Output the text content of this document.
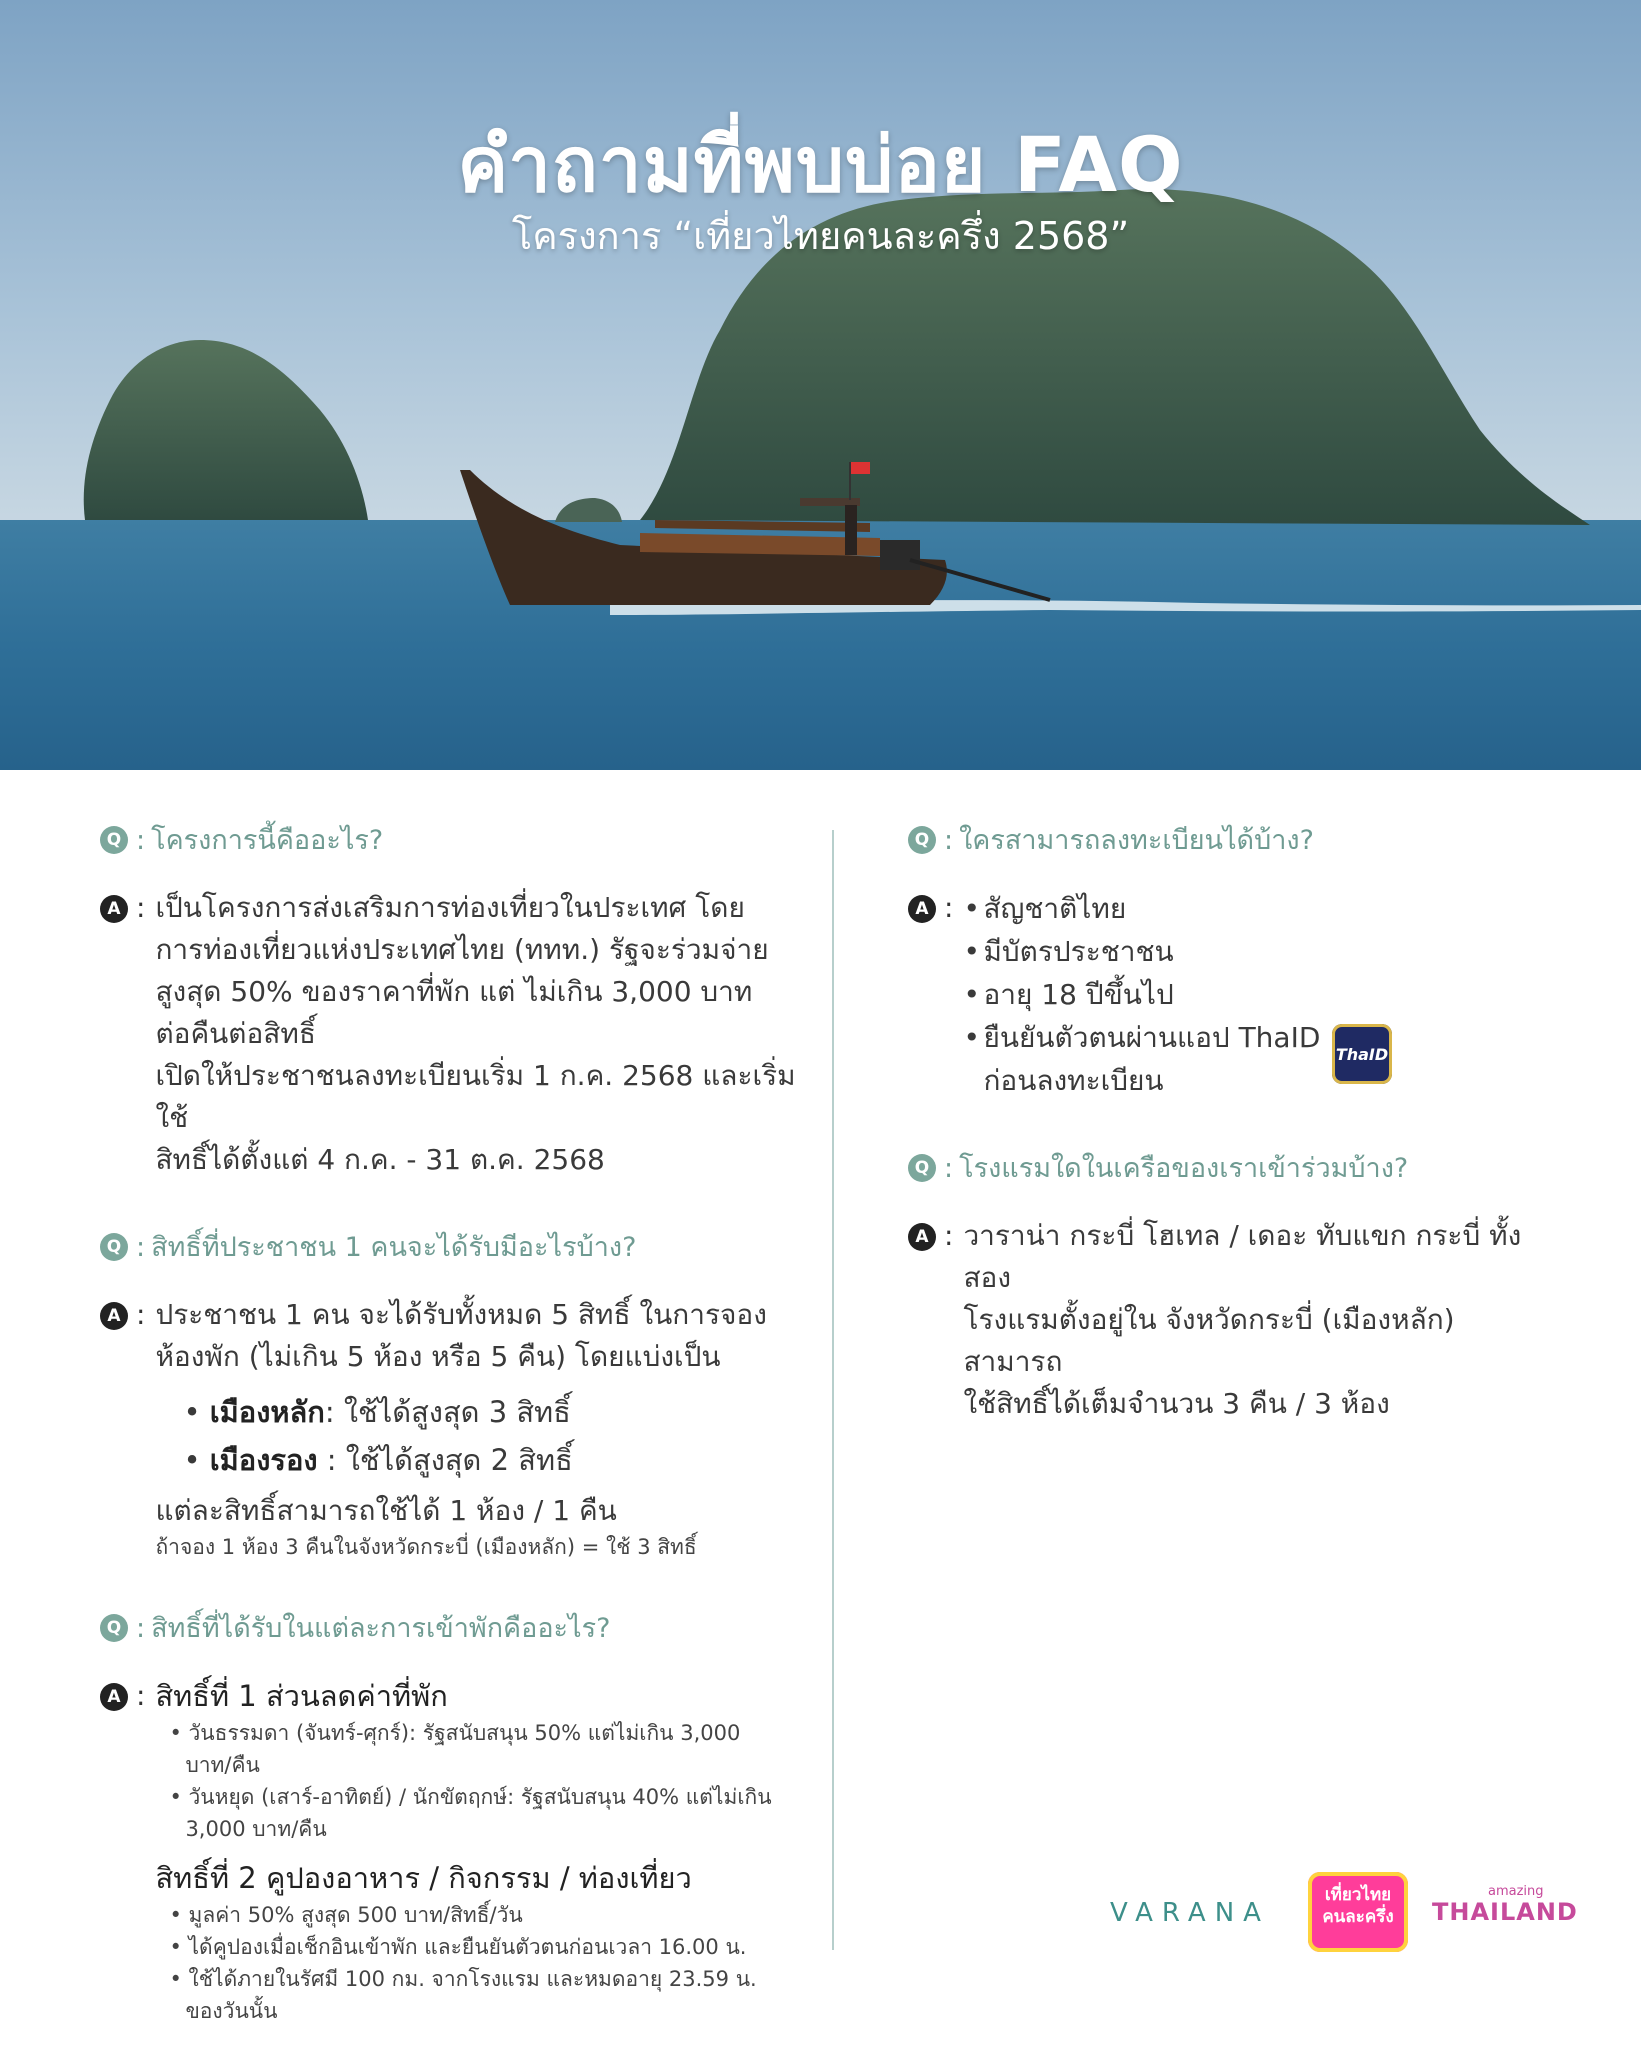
คำถามที่พบบ่อย FAQ
โครงการ “เที่ยวไทยคนละครึ่ง 2568”
Q : โครงการนี้คืออะไร?
A : เป็นโครงการส่งเสริมการท่องเที่ยวในประเทศ โดย

การท่องเที่ยวแห่งประเทศไทย (ททท.) รัฐจะร่วมจ่าย

สูงสุด 50% ของราคาที่พัก แต่ ไม่เกิน 3,000 บาท

ต่อคืนต่อสิทธิ์

เปิดให้ประชาชนลงทะเบียนเริ่ม 1 ก.ค. 2568 และเริ่มใช้

สิทธิ์ได้ตั้งแต่ 4 ก.ค. - 31 ต.ค. 2568

Q : สิทธิ์ที่ประชาชน 1 คนจะได้รับมีอะไรบ้าง?
A : ประชาชน 1 คน จะได้รับทั้งหมด 5 สิทธิ์ ในการจอง

ห้องพัก (ไม่เกิน 5 ห้อง หรือ 5 คืน) โดยแบ่งเป็น

• เมืองหลัก: ใช้ได้สูงสุด 3 สิทธิ์
• เมืองรอง : ใช้ได้สูงสุด 2 สิทธิ์

แต่ละสิทธิ์สามารถใช้ได้ 1 ห้อง / 1 คืน

ถ้าจอง 1 ห้อง 3 คืนในจังหวัดกระบี่ (เมืองหลัก) = ใช้ 3 สิทธิ์

Q : สิทธิ์ที่ได้รับในแต่ละการเข้าพักคืออะไร?
A : สิทธิ์ที่ 1 ส่วนลดค่าที่พัก
• วันธรรมดา (จันทร์-ศุกร์): รัฐสนับสนุน 50% แต่ไม่เกิน 3,000 บาท/คืน
• วันหยุด (เสาร์-อาทิตย์) / นักขัตฤกษ์: รัฐสนับสนุน 40% แต่ไม่เกิน 3,000 บาท/คืน
สิทธิ์ที่ 2 คูปองอาหาร / กิจกรรม / ท่องเที่ยว
• มูลค่า 50% สูงสุด 500 บาท/สิทธิ์/วัน
• ได้คูปองเมื่อเช็กอินเข้าพัก และยืนยันตัวตนก่อนเวลา 16.00 น.
• ใช้ได้ภายในรัศมี 100 กม. จากโรงแรม และหมดอายุ 23.59 น. ของวันนั้น
Q : ใครสามารถลงทะเบียนได้บ้าง?
A : • สัญชาติไทย
• มีบัตรประชาชน
• อายุ 18 ปีขึ้นไป
• ยืนยันตัวตนผ่านแอป ThaID
ก่อนลงทะเบียน
Q : โรงแรมใดในเครือของเราเข้าร่วมบ้าง?
A : วาราน่า กระบี่ โฮเทล / เดอะ ทับแขก กระบี่ ทั้งสอง

โรงแรมตั้งอยู่ใน จังหวัดกระบี่ (เมืองหลัก) สามารถ

ใช้สิทธิ์ได้เต็มจำนวน 3 คืน / 3 ห้อง

ThaID
VARANA
เที่ยวไทย
คนละครึ่ง
amazing
THAILAND
